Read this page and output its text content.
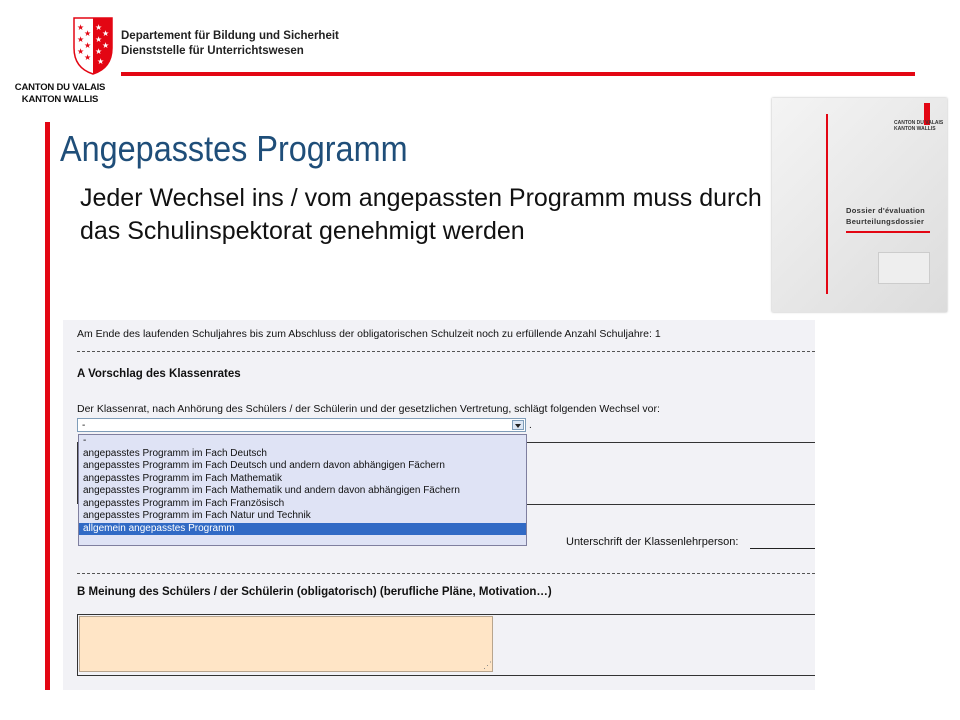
★
★
★
★
★
★
★
★
★
★
★
★
CANTON DU VALAIS
KANTON WALLIS
Departement für Bildung und Sicherheit
Dienststelle für Unterrichtswesen
Angepasstes Programm
Jeder Wechsel ins / vom angepassten Programm muss durch das Schulinspektorat genehmigt werden
CANTON DU VALAIS
KANTON WALLIS
Dossier d'évaluation
Beurteilungsdossier
Am Ende des laufenden Schuljahres bis zum Abschluss der obligatorischen Schulzeit noch zu erfüllende Anzahl Schuljahre: 1
A Vorschlag des Klassenrates
Der Klassenrat, nach Anhörung des Schülers / der Schülerin und der gesetzlichen Vertretung, schlägt folgenden Wechsel vor:
-	.
-
angepasstes Programm im Fach Deutsch
angepasstes Programm im Fach Deutsch und andern davon abhängigen Fächern
angepasstes Programm im Fach Mathematik
angepasstes Programm im Fach Mathematik und andern davon abhängigen Fächern
angepasstes Programm im Fach Französisch
angepasstes Programm im Fach Natur und Technik
allgemein angepasstes Programm
Unterschrift der Klassenlehrperson:
B Meinung des Schülers / der Schülerin (obligatorisch) (berufliche Pläne, Motivation…)
⋰
